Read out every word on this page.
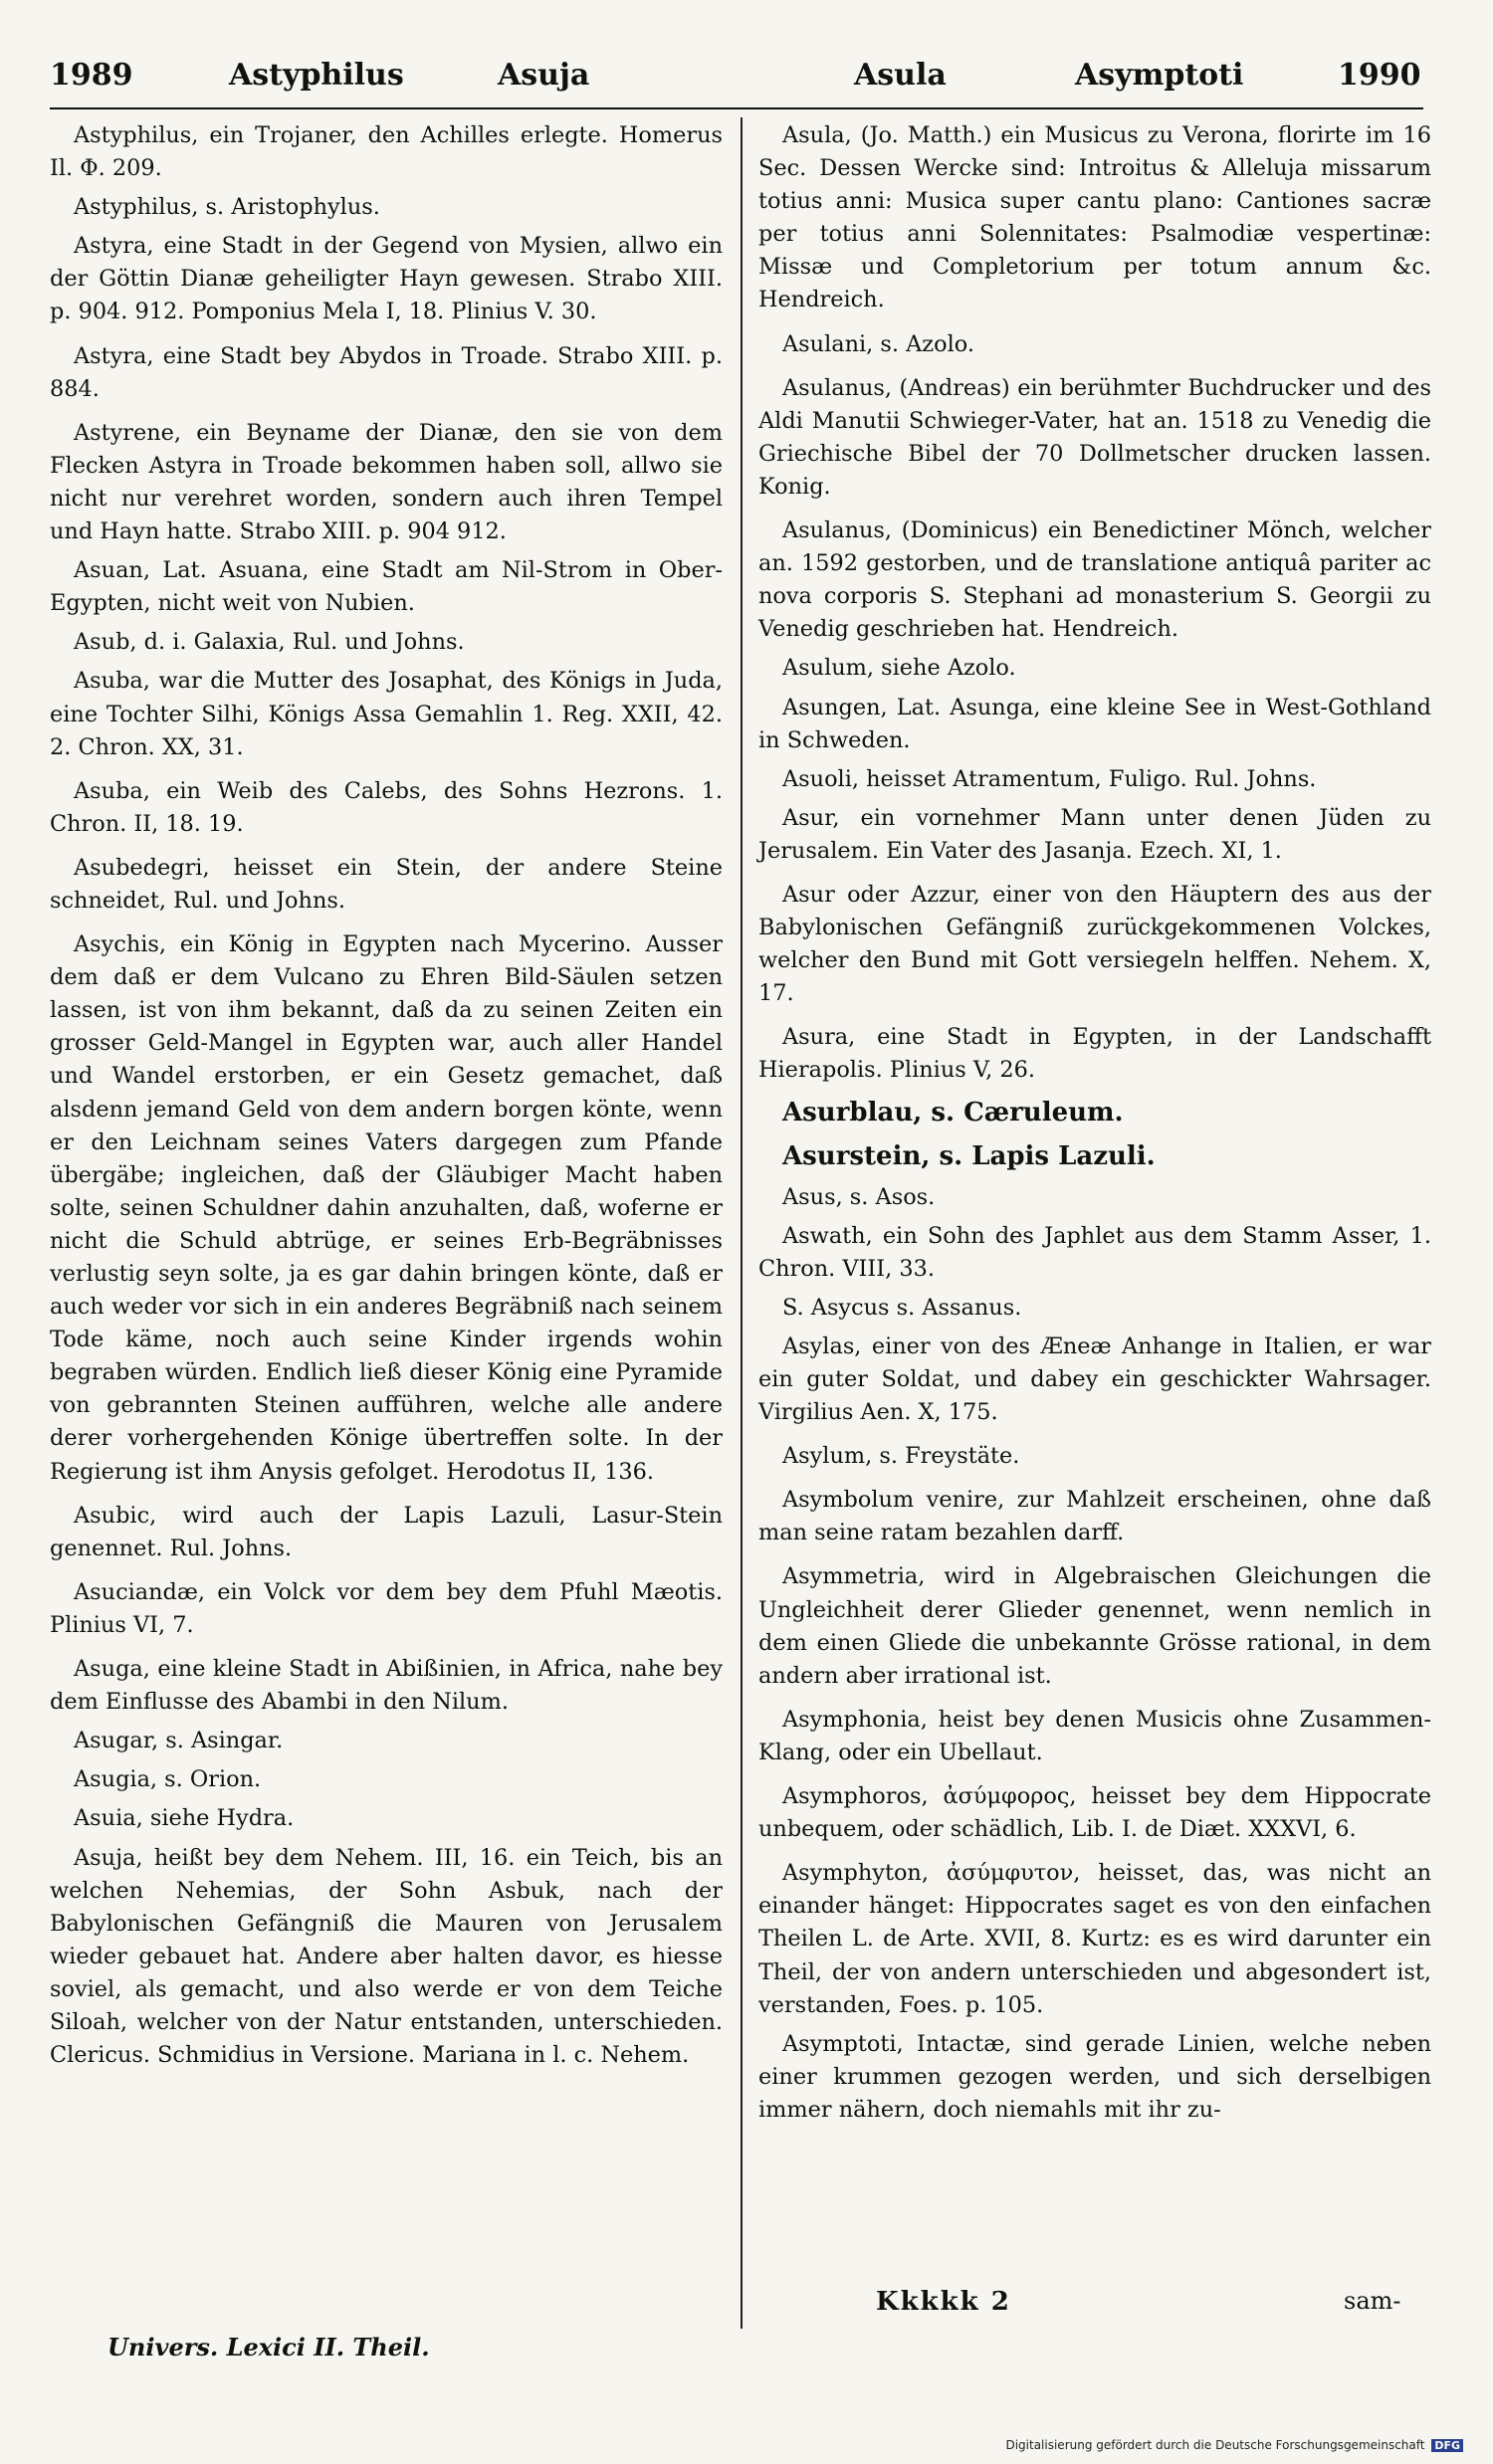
1989	Astyphilus	Asuja	Asula	Asymptoti	1990

Astyphilus, ein Trojaner, den Achilles erlegte. Homerus Il. Φ. 209.

Astyphilus, s. Aristophylus.

Astyra, eine Stadt in der Gegend von Mysien, allwo ein der Göttin Dianæ geheiligter Hayn gewesen. Strabo XIII. p. 904. 912. Pomponius Mela I, 18. Plinius V. 30.

Astyra, eine Stadt bey Abydos in Troade. Strabo XIII. p. 884.

Astyrene, ein Beyname der Dianæ, den sie von dem Flecken Astyra in Troade bekommen haben soll, allwo sie nicht nur verehret worden, sondern auch ihren Tempel und Hayn hatte. Strabo XIII. p. 904 912.

Asuan, Lat. Asuana, eine Stadt am Nil-Strom in Ober-Egypten, nicht weit von Nubien.

Asub, d. i. Galaxia, Rul. und Johns.

Asuba, war die Mutter des Josaphat, des Königs in Juda, eine Tochter Silhi, Königs Assa Gemahlin 1. Reg. XXII, 42. 2. Chron. XX, 31.

Asuba, ein Weib des Calebs, des Sohns Hezrons. 1. Chron. II, 18. 19.

Asubedegri, heisset ein Stein, der andere Steine schneidet, Rul. und Johns.

Asychis, ein König in Egypten nach Mycerino. Ausser dem daß er dem Vulcano zu Ehren Bild-Säulen setzen lassen, ist von ihm bekannt, daß da zu seinen Zeiten ein grosser Geld-Mangel in Egypten war, auch aller Handel und Wandel erstorben, er ein Gesetz gemachet, daß alsdenn jemand Geld von dem andern borgen könte, wenn er den Leichnam seines Vaters dargegen zum Pfande übergäbe; ingleichen, daß der Gläubiger Macht haben solte, seinen Schuldner dahin anzuhalten, daß, woferne er nicht die Schuld abtrüge, er seines Erb-Begräbnisses verlustig seyn solte, ja es gar dahin bringen könte, daß er auch weder vor sich in ein anderes Begräbniß nach seinem Tode käme, noch auch seine Kinder irgends wohin begraben würden. Endlich ließ dieser König eine Pyramide von gebrannten Steinen aufführen, welche alle andere derer vorhergehenden Könige übertreffen solte. In der Regierung ist ihm Anysis gefolget. Herodotus II, 136.

Asubic, wird auch der Lapis Lazuli, Lasur-Stein genennet. Rul. Johns.

Asuciandæ, ein Volck vor dem bey dem Pfuhl Mæotis. Plinius VI, 7.

Asuga, eine kleine Stadt in Abißinien, in Africa, nahe bey dem Einflusse des Abambi in den Nilum.

Asugar, s. Asingar.

Asugia, s. Orion.

Asuia, siehe Hydra.

Asuja, heißt bey dem Nehem. III, 16. ein Teich, bis an welchen Nehemias, der Sohn Asbuk, nach der Babylonischen Gefängniß die Mauren von Jerusalem wieder gebauet hat. Andere aber halten davor, es hiesse soviel, als gemacht, und also werde er von dem Teiche Siloah, welcher von der Natur entstanden, unterschieden. Clericus. Schmidius in Versione. Mariana in l. c. Nehem.

Asula, (Jo. Matth.) ein Musicus zu Verona, florirte im 16 Sec. Dessen Wercke sind: Introitus & Alleluja missarum totius anni: Musica super cantu plano: Cantiones sacræ per totius anni Solennitates: Psalmodiæ vespertinæ: Missæ und Completorium per totum annum &c. Hendreich.

Asulani, s. Azolo.

Asulanus, (Andreas) ein berühmter Buchdrucker und des Aldi Manutii Schwieger-Vater, hat an. 1518 zu Venedig die Griechische Bibel der 70 Dollmetscher drucken lassen. Konig.

Asulanus, (Dominicus) ein Benedictiner Mönch, welcher an. 1592 gestorben, und de translatione antiquâ pariter ac nova corporis S. Stephani ad monasterium S. Georgii zu Venedig geschrieben hat. Hendreich.

Asulum, siehe Azolo.

Asungen, Lat. Asunga, eine kleine See in West-Gothland in Schweden.

Asuoli, heisset Atramentum, Fuligo. Rul. Johns.

Asur, ein vornehmer Mann unter denen Jüden zu Jerusalem. Ein Vater des Jasanja. Ezech. XI, 1.

Asur oder Azzur, einer von den Häuptern des aus der Babylonischen Gefängniß zurückgekommenen Volckes, welcher den Bund mit Gott versiegeln helffen. Nehem. X, 17.

Asura, eine Stadt in Egypten, in der Landschafft Hierapolis. Plinius V, 26.

Asurblau, s. Cæruleum.

Asurstein, s. Lapis Lazuli.

Asus, s. Asos.

Aswath, ein Sohn des Japhlet aus dem Stamm Asser, 1. Chron. VIII, 33.

S. Asycus s. Assanus.

Asylas, einer von des Æneæ Anhange in Italien, er war ein guter Soldat, und dabey ein geschickter Wahrsager. Virgilius Aen. X, 175.

Asylum, s. Freystäte.

Asymbolum venire, zur Mahlzeit erscheinen, ohne daß man seine ratam bezahlen darff.

Asymmetria, wird in Algebraischen Gleichungen die Ungleichheit derer Glieder genennet, wenn nemlich in dem einen Gliede die unbekannte Grösse rational, in dem andern aber irrational ist.

Asymphonia, heist bey denen Musicis ohne Zusammen-Klang, oder ein Ubellaut.

Asymphoros, ἀσύμφορος, heisset bey dem Hippocrate unbequem, oder schädlich, Lib. I. de Diæt. XXXVI, 6.

Asymphyton, ἀσύμφυτον, heisset, das, was nicht an einander hänget: Hippocrates saget es von den einfachen Theilen L. de Arte. XVII, 8. Kurtz: es es wird darunter ein Theil, der von andern unterschieden und abgesondert ist, verstanden, Foes. p. 105.

Asymptoti, Intactæ, sind gerade Linien, welche neben einer krummen gezogen werden, und sich derselbigen immer nähern, doch niemahls mit ihr zu-

Univers. Lexici II. Theil.
Kkkkk 2	sam-
Digitalisierung gefördert durch die Deutsche Forschungsgemeinschaft DFG
